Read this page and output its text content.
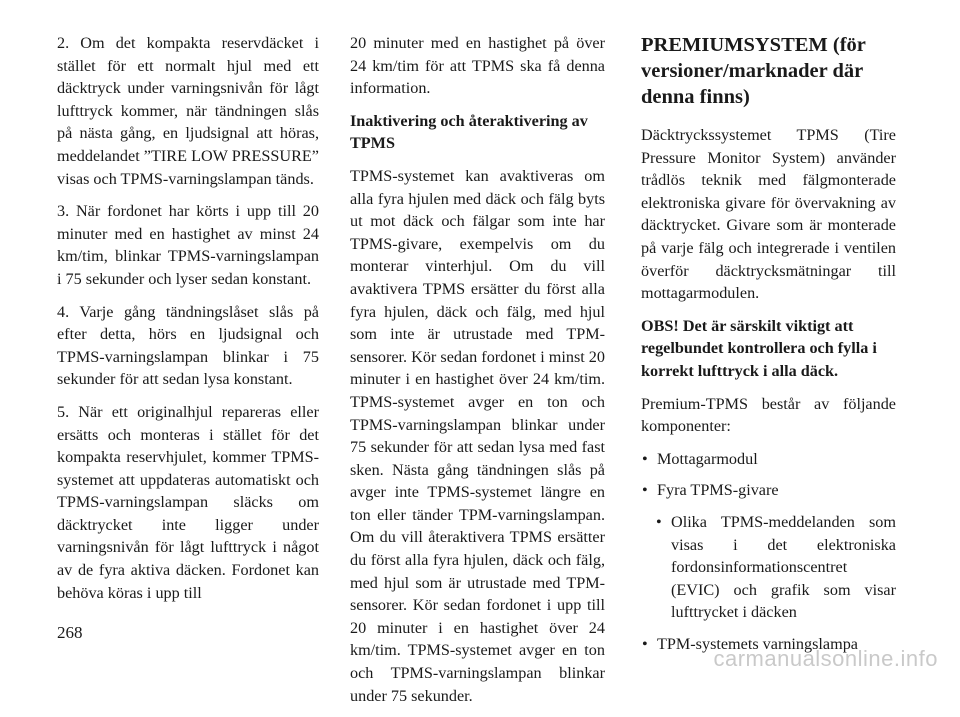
2. Om det kompakta reservdäcket i stället för ett normalt hjul med ett däcktryck under varningsnivån för lågt lufttryck kommer, när tändningen slås på nästa gång, en ljudsignal att höras, meddelandet ”TIRE LOW PRESSURE” visas och TPMS-varningslampan tänds.

3. När fordonet har körts i upp till 20 minuter med en hastighet av minst 24 km/tim, blinkar TPMS-varningslampan i 75 sekunder och lyser sedan konstant.

4. Varje gång tändningslåset slås på efter detta, hörs en ljudsignal och TPMS-varningslampan blinkar i 75 sekunder för att sedan lysa konstant.

5. När ett originalhjul repareras eller ersätts och monteras i stället för det kompakta reservhjulet, kommer TPMS-systemet att uppdateras automatiskt och TPMS-varningslampan släcks om däcktrycket inte ligger under varningsnivån för lågt lufttryck i något av de fyra aktiva däcken. Fordonet kan behöva köras i upp till

20 minuter med en hastighet på över 24 km/tim för att TPMS ska få denna information.

Inaktivering och återaktivering av TPMS

TPMS-systemet kan avaktiveras om alla fyra hjulen med däck och fälg byts ut mot däck och fälgar som inte har TPMS-givare, exempelvis om du monterar vinterhjul. Om du vill avaktivera TPMS ersätter du först alla fyra hjulen, däck och fälg, med hjul som inte är utrustade med TPM-sensorer. Kör sedan fordonet i minst 20 minuter i en hastighet över 24 km/tim. TPMS-systemet avger en ton och TPMS-varningslampan blinkar under 75 sekunder för att sedan lysa med fast sken. Nästa gång tändningen slås på avger inte TPMS-systemet längre en ton eller tänder TPM-varningslampan. Om du vill återaktivera TPMS ersätter du först alla fyra hjulen, däck och fälg, med hjul som är utrustade med TPM-sensorer. Kör sedan fordonet i upp till 20 minuter i en hastighet över 24 km/tim. TPMS-systemet avger en ton och TPMS-varningslampan blinkar under 75 sekunder.

PREMIUMSYSTEM (för versioner/marknader där denna finns)

Däcktryckssystemet TPMS (Tire Pressure Monitor System) använder trådlös teknik med fälgmonterade elektroniska givare för övervakning av däcktrycket. Givare som är monterade på varje fälg och integrerade i ventilen överför däcktrycksmätningar till mottagarmodulen.

OBS! Det är särskilt viktigt att regelbundet kontrollera och fylla i korrekt lufttryck i alla däck.

Premium-TPMS består av följande komponenter:

• Mottagarmodul
• Fyra TPMS-givare
• Olika TPMS-meddelanden som visas i det elektroniska fordonsinformationscentret (EVIC) och grafik som visar lufttrycket i däcken
• TPM-systemets varningslampa
268
carmanualsonline.info
